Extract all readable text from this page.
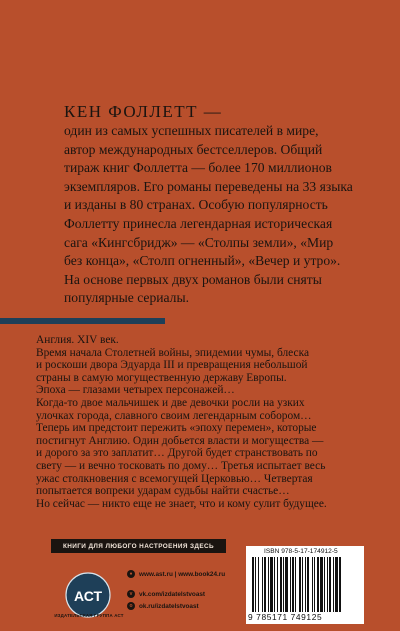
КЕН ФОЛЛЕТТ —
один из самых успешных писателей в мире,
автор международных бестселлеров. Общий
тираж книг Фоллетта — более 170 миллионов
экземпляров. Его романы переведены на 33 языка
и изданы в 80 странах. Особую популярность
Фоллетту принесла легендарная историческая
сага «Кингсбридж» — «Столпы земли», «Мир
без конца», «Столп огненный», «Вечер и утро».
На основе первых двух романов были сняты
популярные сериалы.
Англия. XIV век.
Время начала Столетней войны, эпидемии чумы, блеска
и роскоши двора Эдуарда III и превращения небольшой
страны в самую могущественную державу Европы.
Эпоха — глазами четырех персонажей…
Когда-то двое мальчишек и две девочки росли на узких
улочках города, славного своим легендарным собором…
Теперь им предстоит пережить «эпоху перемен», которые
постигнут Англию. Один добьется власти и могущества —
и дорого за это заплатит… Другой будет странствовать по
свету — и вечно тосковать по дому… Третья испытает весь
ужас столкновения с всемогущей Церковью… Четвертая
попытается вопреки ударам судьбы найти счастье…
Но сейчас — никто еще не знает, что и кому сулит будущее.
КНИГИ ДЛЯ ЛЮБОГО НАСТРОЕНИЯ ЗДЕСЬ
АСТ
ИЗДАТЕЛЬСКАЯ ГРУППА АСТ
●	www.ast.ru | www.book24.ru
v	vk.com/izdatelstvoast
o	ok.ru/izdatelstvoast
ISBN 978-5-17-174912-5
9 785171 749125
